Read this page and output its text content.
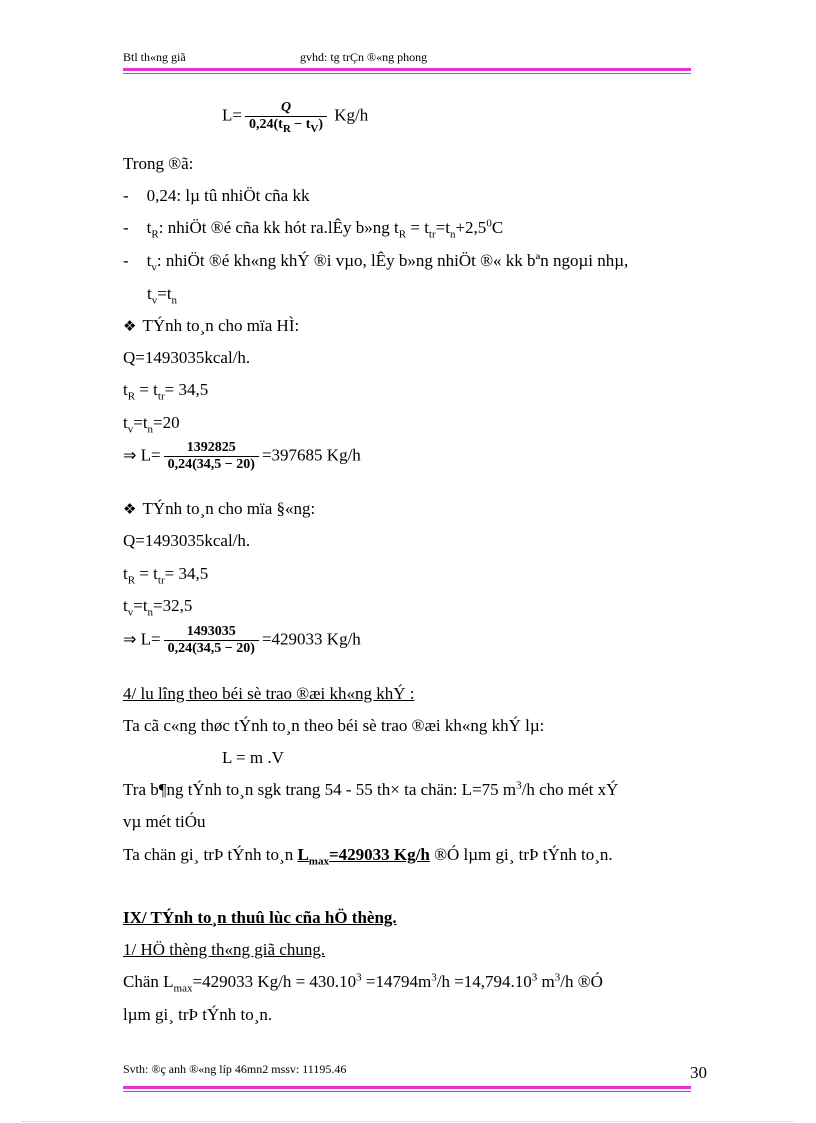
Btl th«ng giã	gvhd: tg trÇn ®«ng phong
$L= \frac{Q}{0,24(t_R - t_V)} Kg/h$
Trong ®ã:
- 0,24: lµ tû nhiÖt cña kk
- $t_R$: nhiÖt ®é cña kk hót ra.lÊy b»ng $t_R = t_{tr}=t_n+2,5^0C$
- $t_v$: nhiÖt ®é kh«ng khÝ ®i vµo, lÊy b»ng nhiÖt ®« kk bªn ngoµi nhµ,
$t_v=t_n$
❖ TÝnh to¸n cho mïa HÌ:
Q=1493035kcal/h.
$t_R = t_{tr}= 34,5$
$t_v=t_n=20$
⇒ $L= \frac{1392825}{0,24(34,5 - 20)} =397685$ Kg/h
❖ TÝnh to¸n cho mïa §«ng:
Q=1493035kcal/h.
$t_R = t_{tr}= 34,5$
$t_v=t_n=32,5$
⇒ $L= \frac{1493035}{0,24(34,5 - 20)} =429033$ Kg/h
4/ lu lîng theo béi sè trao ®æi kh«ng khÝ :
Ta cã c«ng thøc tÝnh to¸n theo béi sè trao ®æi kh«ng khÝ lµ:
L = m .V
Tra b¶ng tÝnh to¸n sgk trang 54 - 55 th× ta chän: L=75 $m^3/h$ cho mét xÝ
vµ mét tiÓu
Ta chän gi¸ trÞ tÝnh to¸n $L_{max}=429033$ Kg/h ®Ó lµm gi¸ trÞ tÝnh to¸n.
IX/ TÝnh to¸n thuû lùc cña hÖ thèng.
1/ HÖ thèng th«ng giã chung.
Chän $L_{max}=429033$ $Kg/h = 430.10^3 =14794m^3/h =14,794.10^3$ $m^3/h$ ®Ó
lµm gi¸ trÞ tÝnh to¸n.
Svth: ®ç anh ®«ng líp 46mn2 mssv: 11195.46	30
